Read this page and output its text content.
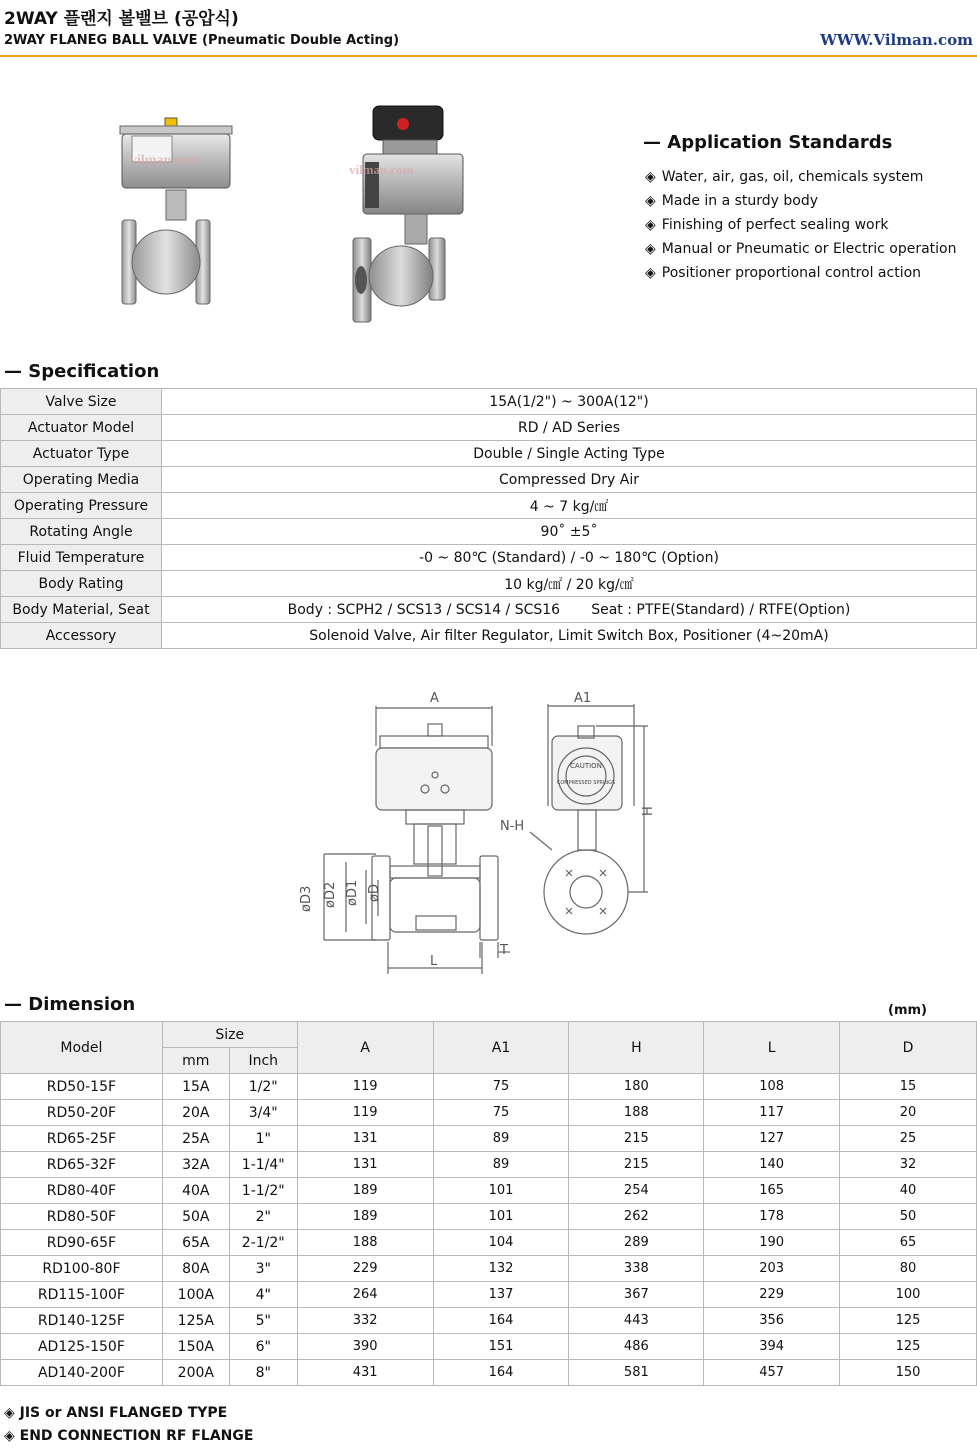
2WAY 플랜지 볼밸브 (공압식)
2WAY FLANEG BALL VALVE (Pneumatic Double Acting)	WWW.Vilman.com
vilman.com
vilman.com
— Application Standards
◈ Water, air, gas, oil, chemicals system
◈ Made in a sturdy body
◈ Finishing of perfect sealing work
◈ Manual or Pneumatic or Electric operation
◈ Positioner proportional control action
— Specification
Valve Size	15A(1/2") ~ 300A(12")
Actuator Model	RD / AD Series
Actuator Type	Double / Single Acting Type
Operating Media	Compressed Dry Air
Operating Pressure	4 ~ 7 kg/㎠
Rotating Angle	90˚ ±5˚
Fluid Temperature	-0 ~ 80℃ (Standard) / -0 ~ 180℃ (Option)
Body Rating	10 kg/㎠ / 20 kg/㎠
Body Material, Seat	Body : SCPH2 / SCS13 / SCS14 / SCS16       Seat : PTFE(Standard) / RTFE(Option)
Accessory	Solenoid Valve, Air filter Regulator, Limit Switch Box, Positioner (4~20mA)
A	A1
H
N-H
L
T
øD3 øD2 øD1 øD
CAUTION
COMPRESSED SPRINGS
— Dimension	(mm)
Model	Size		A	A1	H	L	D
	mm	Inch					
RD50-15F	15A	1/2"	119	75	180	108	15
RD50-20F	20A	3/4"	119	75	188	117	20
RD65-25F	25A	1"	131	89	215	127	25
RD65-32F	32A	1-1/4"	131	89	215	140	32
RD80-40F	40A	1-1/2"	189	101	254	165	40
RD80-50F	50A	2"	189	101	262	178	50
RD90-65F	65A	2-1/2"	188	104	289	190	65
RD100-80F	80A	3"	229	132	338	203	80
RD115-100F	100A	4"	264	137	367	229	100
RD140-125F	125A	5"	332	164	443	356	125
AD125-150F	150A	6"	390	151	486	394	125
AD140-200F	200A	8"	431	164	581	457	150
◈ JIS or ANSI FLANGED TYPE
◈ END CONNECTION RF FLANGE
